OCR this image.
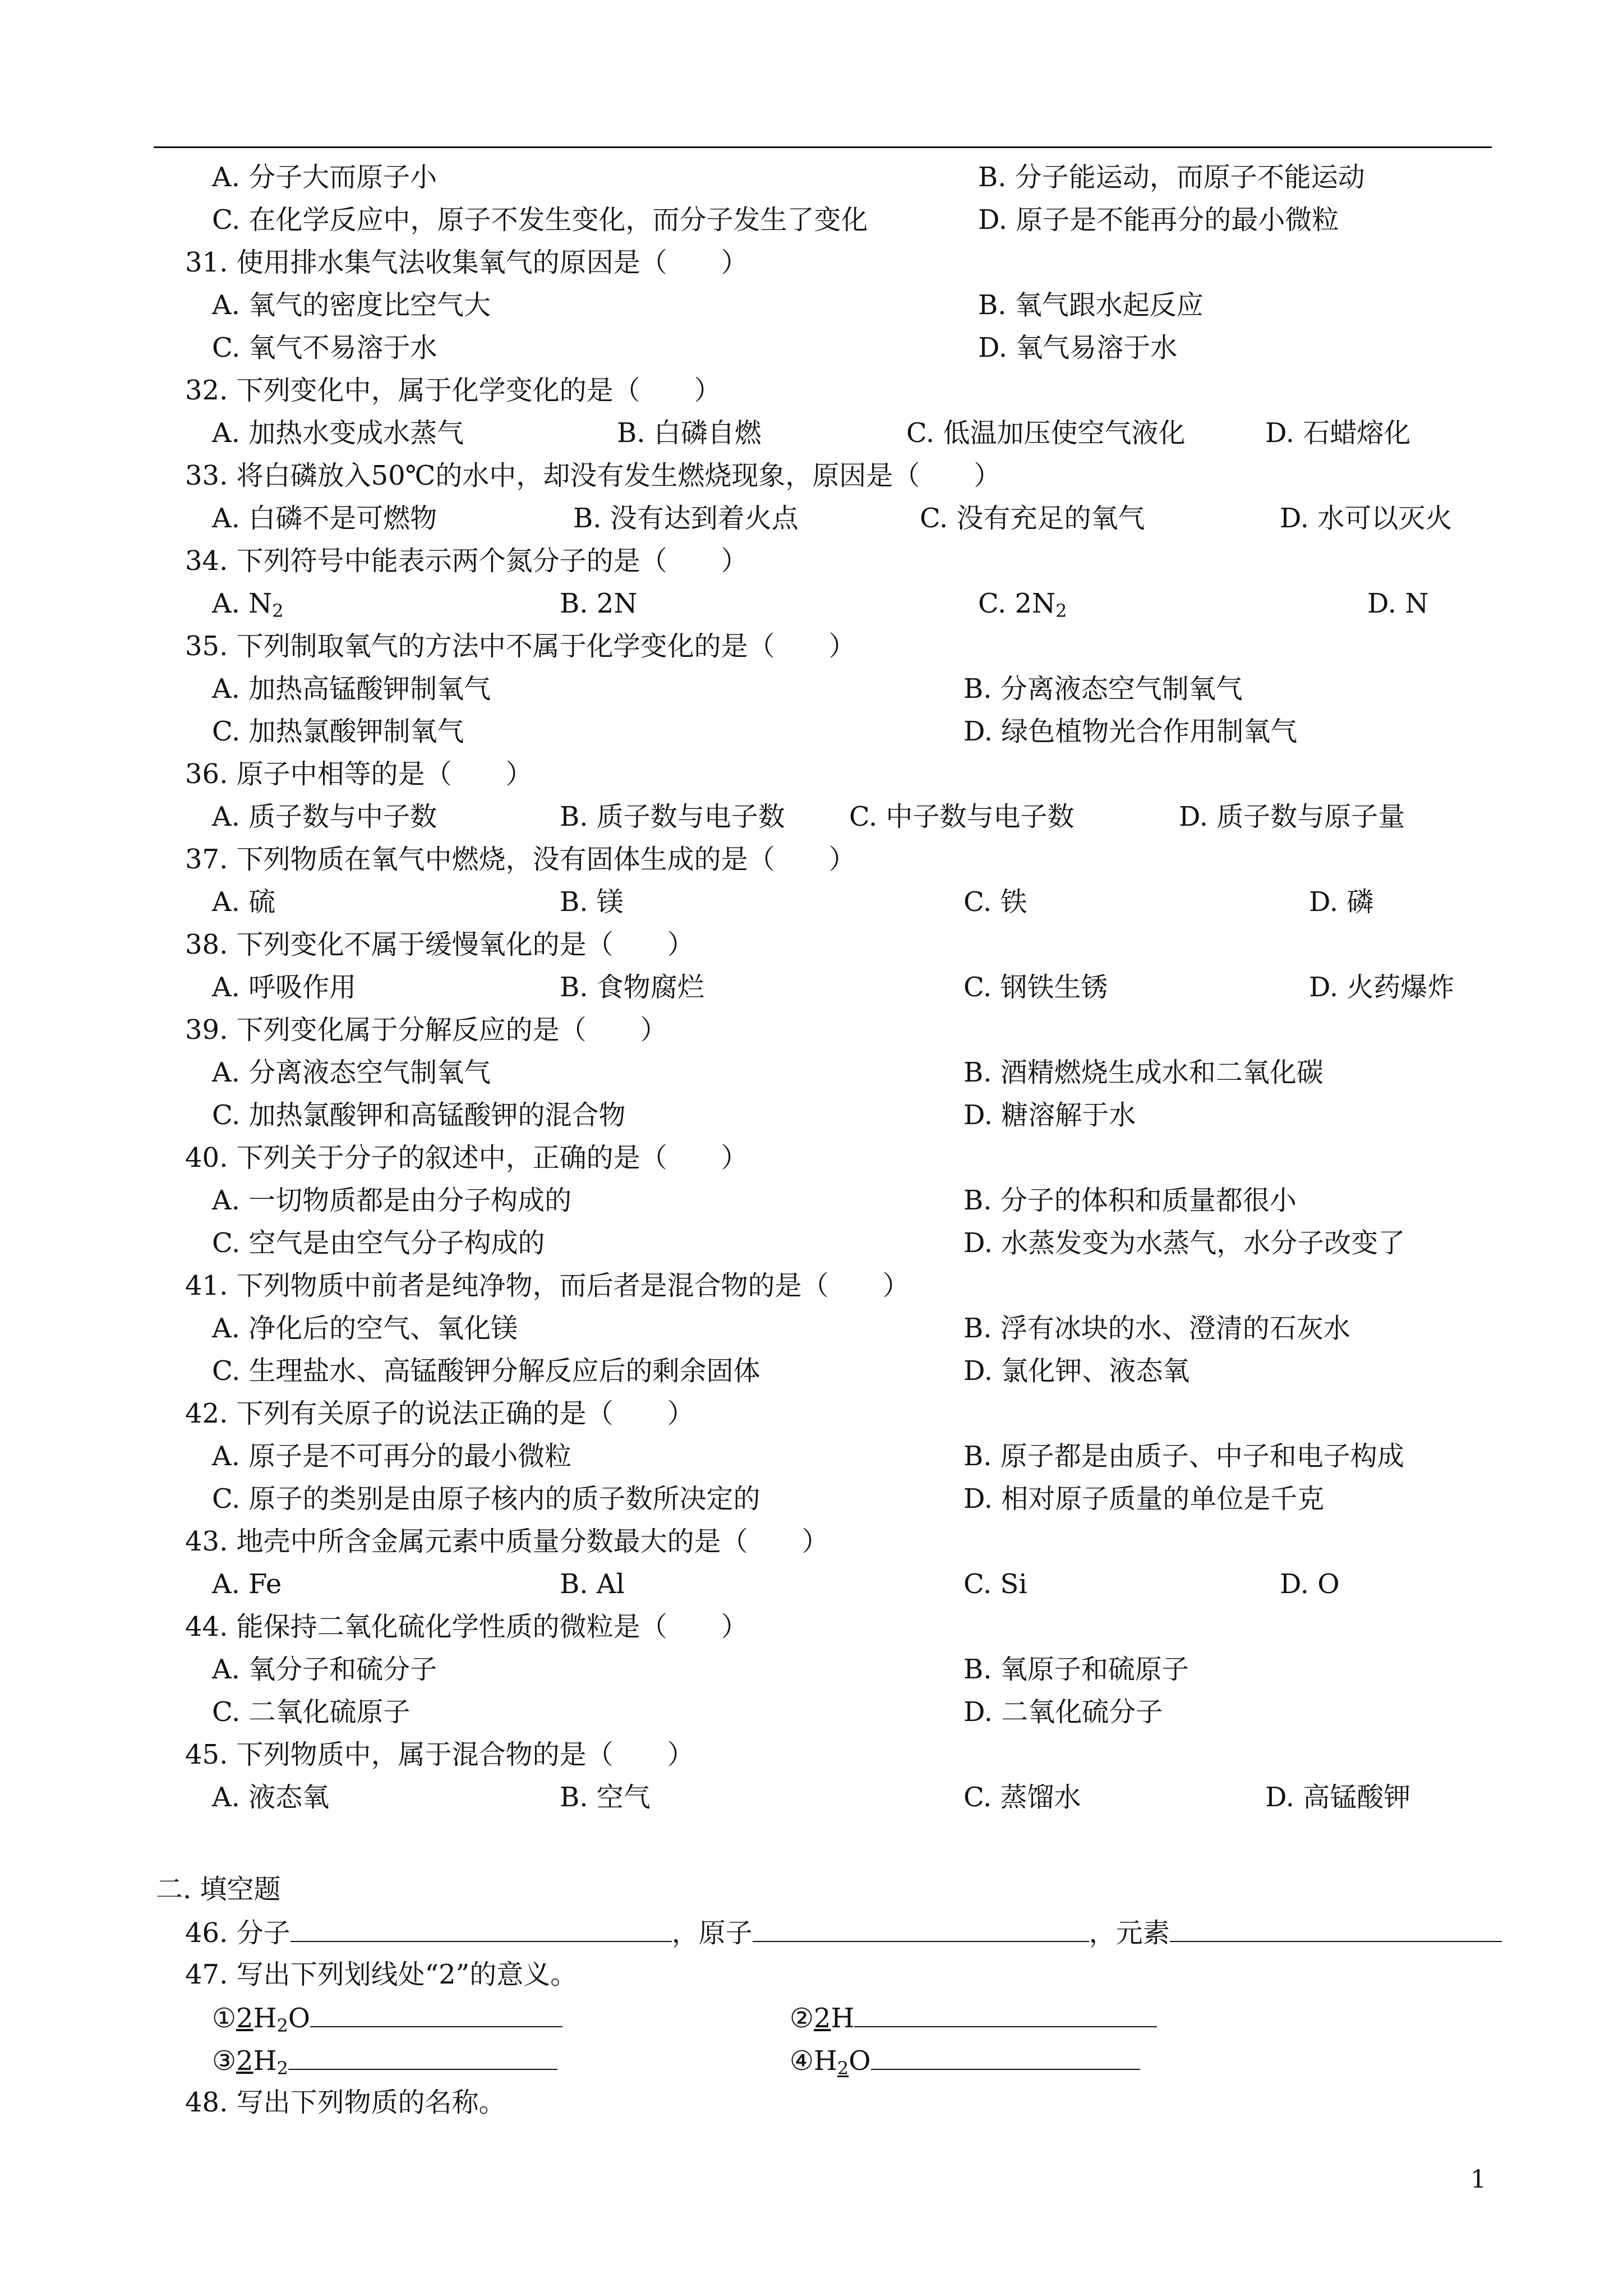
A. 分子大而原子小	B. 分子能运动，而原子不能运动
C. 在化学反应中，原子不发生变化，而分子发生了变化	D. 原子是不能再分的最小微粒
31. 使用排水集气法收集氧气的原因是（　　）
A. 氧气的密度比空气大	B. 氧气跟水起反应
C. 氧气不易溶于水	D. 氧气易溶于水
32. 下列变化中，属于化学变化的是（　　）
A. 加热水变成水蒸气	B. 白磷自燃	C. 低温加压使空气液化	D. 石蜡熔化
33. 将白磷放入50℃的水中，却没有发生燃烧现象，原因是（　　）
A. 白磷不是可燃物	B. 没有达到着火点	C. 没有充足的氧气	D. 水可以灭火
34. 下列符号中能表示两个氮分子的是（　　）
A. $N_2$	B. 2N	C. $2N_2$	D. N
35. 下列制取氧气的方法中不属于化学变化的是（　　）
A. 加热高锰酸钾制氧气	B. 分离液态空气制氧气
C. 加热氯酸钾制氧气	D. 绿色植物光合作用制氧气
36. 原子中相等的是（　　）
A. 质子数与中子数	B. 质子数与电子数 C. 中子数与电子数	D. 质子数与原子量
37. 下列物质在氧气中燃烧，没有固体生成的是（　　）
A. 硫	B. 镁	C. 铁	D. 磷
38. 下列变化不属于缓慢氧化的是（　　）
A. 呼吸作用	B. 食物腐烂	C. 钢铁生锈	D. 火药爆炸
39. 下列变化属于分解反应的是（　　）
A. 分离液态空气制氧气	B. 酒精燃烧生成水和二氧化碳
C. 加热氯酸钾和高锰酸钾的混合物	D. 糖溶解于水
40. 下列关于分子的叙述中，正确的是（　　）
A. 一切物质都是由分子构成的	B. 分子的体积和质量都很小
C. 空气是由空气分子构成的	D. 水蒸发变为水蒸气，水分子改变了
41. 下列物质中前者是纯净物，而后者是混合物的是（　　）
A. 净化后的空气、氧化镁	B. 浮有冰块的水、澄清的石灰水
C. 生理盐水、高锰酸钾分解反应后的剩余固体	D. 氯化钾、液态氧
42. 下列有关原子的说法正确的是（　　）
A. 原子是不可再分的最小微粒	B. 原子都是由质子、中子和电子构成
C. 原子的类别是由原子核内的质子数所决定的	D. 相对原子质量的单位是千克
43. 地壳中所含金属元素中质量分数最大的是（　　）
A. Fe	B. Al	C. Si	D. O
44. 能保持二氧化硫化学性质的微粒是（　　）
A. 氧分子和硫分子	B. 氧原子和硫原子
C. 二氧化硫原子	D. 二氧化硫分子
45. 下列物质中，属于混合物的是（　　）
A. 液态氧	B. 空气	C. 蒸馏水	D. 高锰酸钾
二. 填空题
46. 分子	，原子	，元素
47. 写出下列划线处“2”的意义。
$①2H_2O$	②2H
$③2H_2$	$④H_2O$
48. 写出下列物质的名称。
1
